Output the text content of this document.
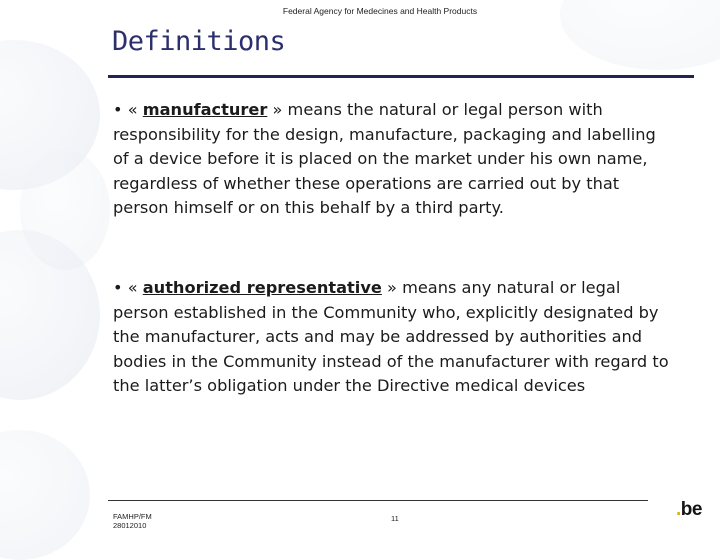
Federal Agency for Medecines and Health Products
Definitions

• « manufacturer » means the natural or legal person with responsibility for the design, manufacture, packaging and labelling of a device before it is placed on the market under his own name, regardless of whether these operations are carried out by that person himself or on this behalf by a third party.

• « authorized representative » means any natural or legal person established in the Community who, explicitly designated by the manufacturer, acts and may be addressed by authorities and bodies in the Community instead of the manufacturer with regard to the latter’s obligation under the Directive medical devices

FAMHP/FM
28012010
11	.be
